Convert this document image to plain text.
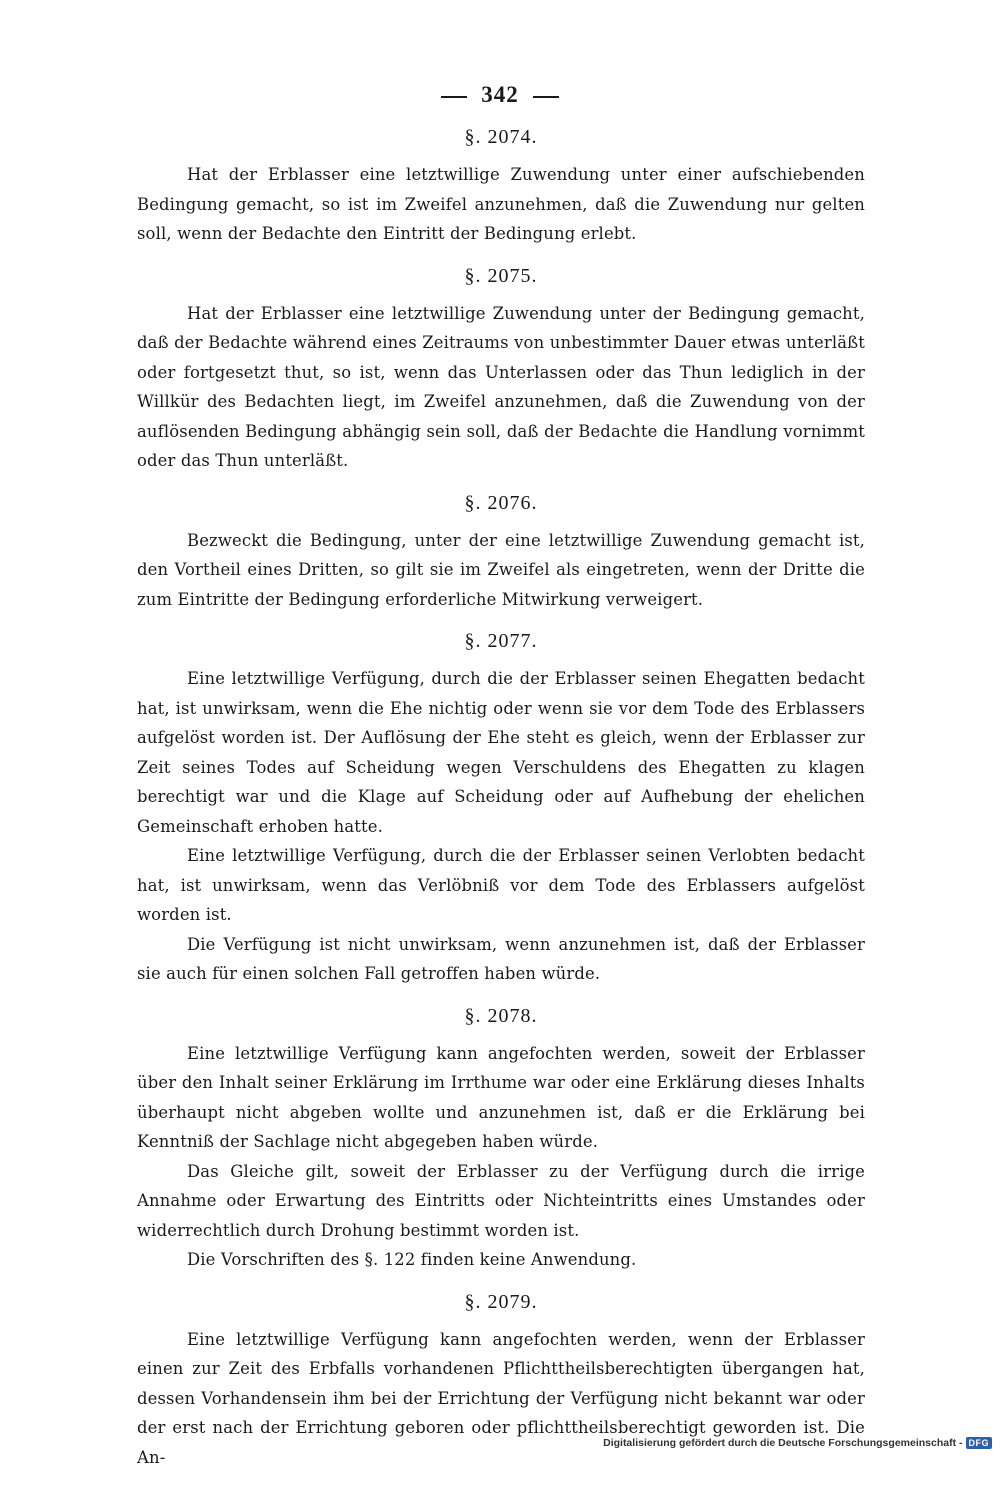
342
§. 2074.

Hat der Erblasser eine letztwillige Zuwendung unter einer aufschiebenden Bedingung gemacht, so ist im Zweifel anzunehmen, daß die Zuwendung nur gelten soll, wenn der Bedachte den Eintritt der Bedingung erlebt.

§. 2075.

Hat der Erblasser eine letztwillige Zuwendung unter der Bedingung gemacht, daß der Bedachte während eines Zeitraums von unbestimmter Dauer etwas unterläßt oder fortgesetzt thut, so ist, wenn das Unterlassen oder das Thun lediglich in der Willkür des Bedachten liegt, im Zweifel anzunehmen, daß die Zuwendung von der auflösenden Bedingung abhängig sein soll, daß der Bedachte die Handlung vornimmt oder das Thun unterläßt.

§. 2076.

Bezweckt die Bedingung, unter der eine letztwillige Zuwendung gemacht ist, den Vortheil eines Dritten, so gilt sie im Zweifel als eingetreten, wenn der Dritte die zum Eintritte der Bedingung erforderliche Mitwirkung verweigert.

§. 2077.

Eine letztwillige Verfügung, durch die der Erblasser seinen Ehegatten bedacht hat, ist unwirksam, wenn die Ehe nichtig oder wenn sie vor dem Tode des Erblassers aufgelöst worden ist. Der Auflösung der Ehe steht es gleich, wenn der Erblasser zur Zeit seines Todes auf Scheidung wegen Verschuldens des Ehegatten zu klagen berechtigt war und die Klage auf Scheidung oder auf Aufhebung der ehelichen Gemeinschaft erhoben hatte.

Eine letztwillige Verfügung, durch die der Erblasser seinen Verlobten bedacht hat, ist unwirksam, wenn das Verlöbniß vor dem Tode des Erblassers aufgelöst worden ist.

Die Verfügung ist nicht unwirksam, wenn anzunehmen ist, daß der Erblasser sie auch für einen solchen Fall getroffen haben würde.

§. 2078.

Eine letztwillige Verfügung kann angefochten werden, soweit der Erblasser über den Inhalt seiner Erklärung im Irrthume war oder eine Erklärung dieses Inhalts überhaupt nicht abgeben wollte und anzunehmen ist, daß er die Erklärung bei Kenntniß der Sachlage nicht abgegeben haben würde.

Das Gleiche gilt, soweit der Erblasser zu der Verfügung durch die irrige Annahme oder Erwartung des Eintritts oder Nichteintritts eines Umstandes oder widerrechtlich durch Drohung bestimmt worden ist.

Die Vorschriften des §. 122 finden keine Anwendung.

§. 2079.

Eine letztwillige Verfügung kann angefochten werden, wenn der Erblasser einen zur Zeit des Erbfalls vorhandenen Pflichttheilsberechtigten übergangen hat, dessen Vorhandensein ihm bei der Errichtung der Verfügung nicht bekannt war oder der erst nach der Errichtung geboren oder pflichttheilsberechtigt geworden ist. Die An-

Digitalisierung gefördert durch die Deutsche Forschungsgemeinschaft - DFG
